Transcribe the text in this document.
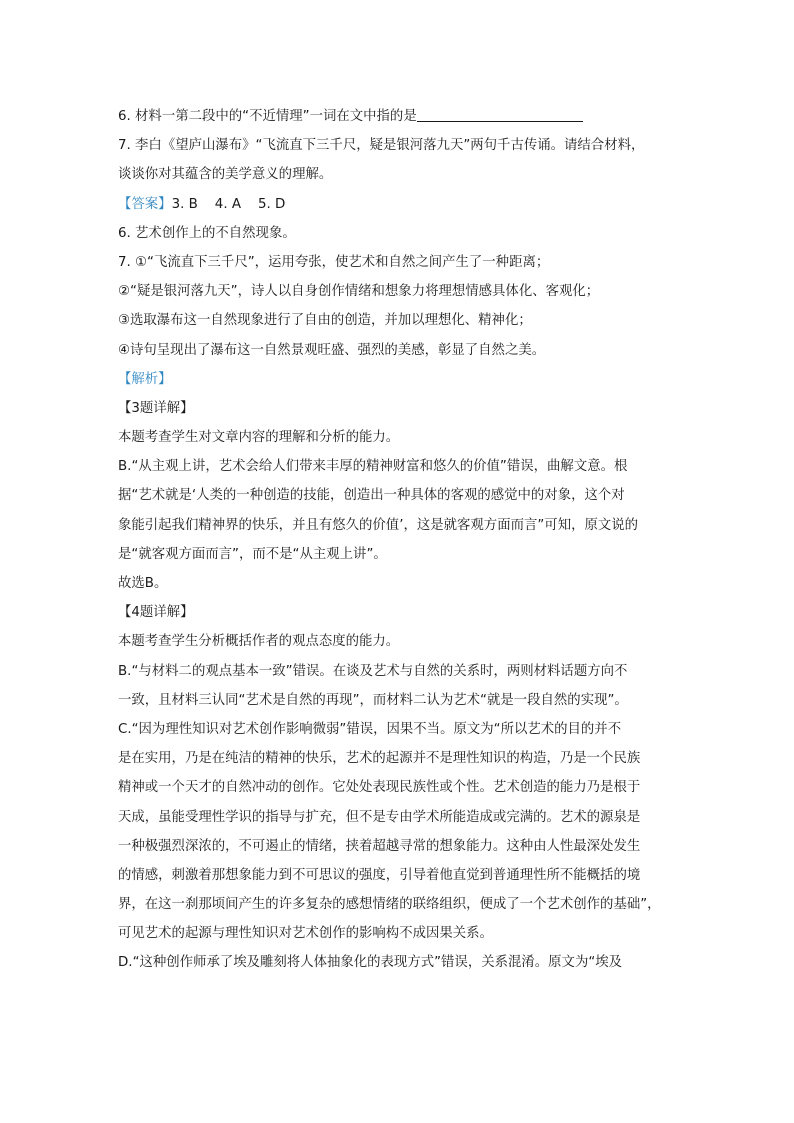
6. 材料一第二段中的“不近情理”一词在文中指的是
7. 李白《望庐山瀑布》“飞流直下三千尺，疑是银河落九天”两句千古传诵。请结合材料，
谈谈你对其蕴含的美学意义的理解。
【答案】3. B    4. A    5. D
6. 艺术创作上的不自然现象。
7. ①“飞流直下三千尺”，运用夸张，使艺术和自然之间产生了一种距离；
②“疑是银河落九天”，诗人以自身创作情绪和想象力将理想情感具体化、客观化；
③选取瀑布这一自然现象进行了自由的创造，并加以理想化、精神化；
④诗句呈现出了瀑布这一自然景观旺盛、强烈的美感，彰显了自然之美。
【解析】
【3题详解】
本题考查学生对文章内容的理解和分析的能力。
B.“从主观上讲，艺术会给人们带来丰厚的精神财富和悠久的价值”错误，曲解文意。根
据“艺术就是‘人类的一种创造的技能，创造出一种具体的客观的感觉中的对象，这个对
象能引起我们精神界的快乐，并且有悠久的价值’，这是就客观方面而言”可知，原文说的
是“就客观方面而言”，而不是“从主观上讲”。
故选B。
【4题详解】
本题考查学生分析概括作者的观点态度的能力。
B.“与材料二的观点基本一致”错误。在谈及艺术与自然的关系时，两则材料话题方向不
一致，且材料三认同“艺术是自然的再现”，而材料二认为艺术“就是一段自然的实现”。
C.“因为理性知识对艺术创作影响微弱”错误，因果不当。原文为“所以艺术的目的并不
是在实用，乃是在纯洁的精神的快乐，艺术的起源并不是理性知识的构造，乃是一个民族
精神或一个天才的自然冲动的创作。它处处表现民族性或个性。艺术创造的能力乃是根于
天成，虽能受理性学识的指导与扩充，但不是专由学术所能造成或完满的。艺术的源泉是
一种极强烈深浓的，不可遏止的情绪，挟着超越寻常的想象能力。这种由人性最深处发生
的情感，刺激着那想象能力到不可思议的强度，引导着他直觉到普通理性所不能概括的境
界，在这一刹那顷间产生的许多复杂的感想情绪的联络组织，便成了一个艺术创作的基础”，
可见艺术的起源与理性知识对艺术创作的影响构不成因果关系。
D.“这种创作师承了埃及雕刻将人体抽象化的表现方式”错误，关系混淆。原文为“埃及
